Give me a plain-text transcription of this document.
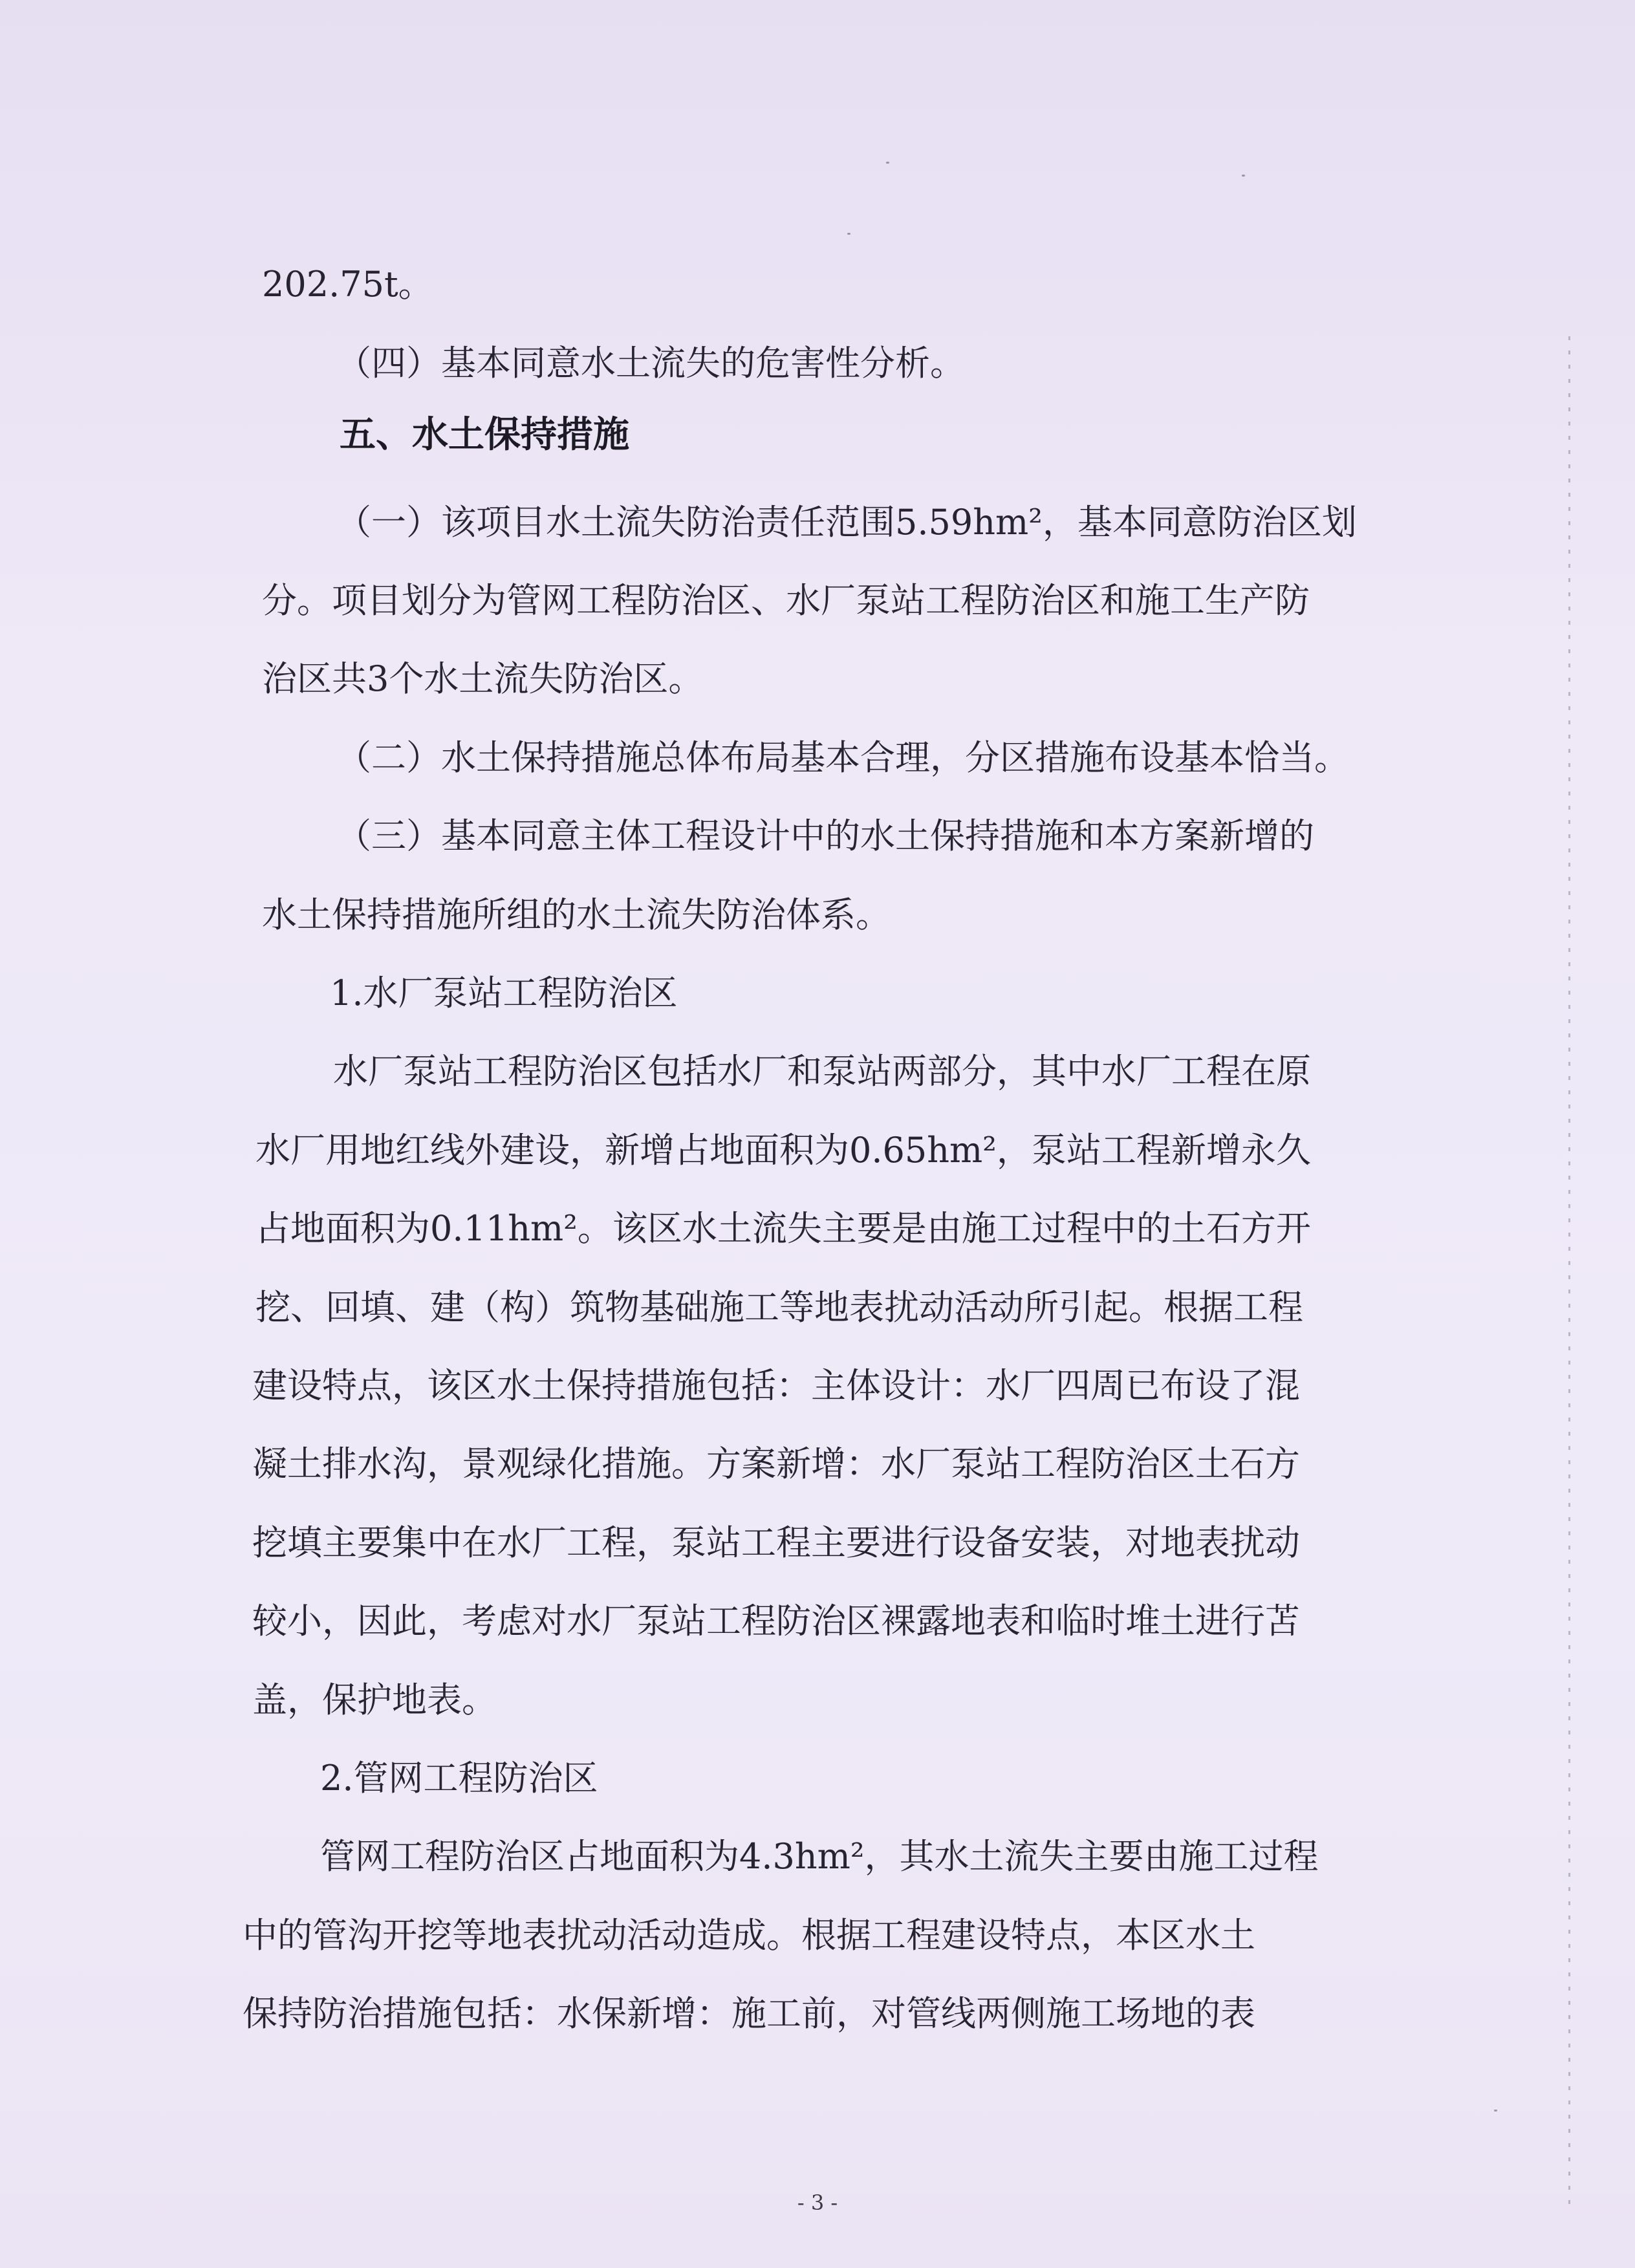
202.75t。
（四）基本同意水土流失的危害性分析。
五、水土保持措施
（一）该项目水土流失防治责任范围5.59hm²，基本同意防治区划
分。项目划分为管网工程防治区、水厂泵站工程防治区和施工生产防
治区共3个水土流失防治区。
（二）水土保持措施总体布局基本合理，分区措施布设基本恰当。
（三）基本同意主体工程设计中的水土保持措施和本方案新增的
水土保持措施所组的水土流失防治体系。
1.水厂泵站工程防治区
水厂泵站工程防治区包括水厂和泵站两部分，其中水厂工程在原
水厂用地红线外建设，新增占地面积为0.65hm²，泵站工程新增永久
占地面积为0.11hm²。该区水土流失主要是由施工过程中的土石方开
挖、回填、建（构）筑物基础施工等地表扰动活动所引起。根据工程
建设特点，该区水土保持措施包括：主体设计：水厂四周已布设了混
凝土排水沟，景观绿化措施。方案新增：水厂泵站工程防治区土石方
挖填主要集中在水厂工程，泵站工程主要进行设备安装，对地表扰动
较小，因此，考虑对水厂泵站工程防治区裸露地表和临时堆土进行苫
盖，保护地表。
2.管网工程防治区
管网工程防治区占地面积为4.3hm²，其水土流失主要由施工过程
中的管沟开挖等地表扰动活动造成。根据工程建设特点，本区水土
保持防治措施包括：水保新增：施工前，对管线两侧施工场地的表
- 3 -
